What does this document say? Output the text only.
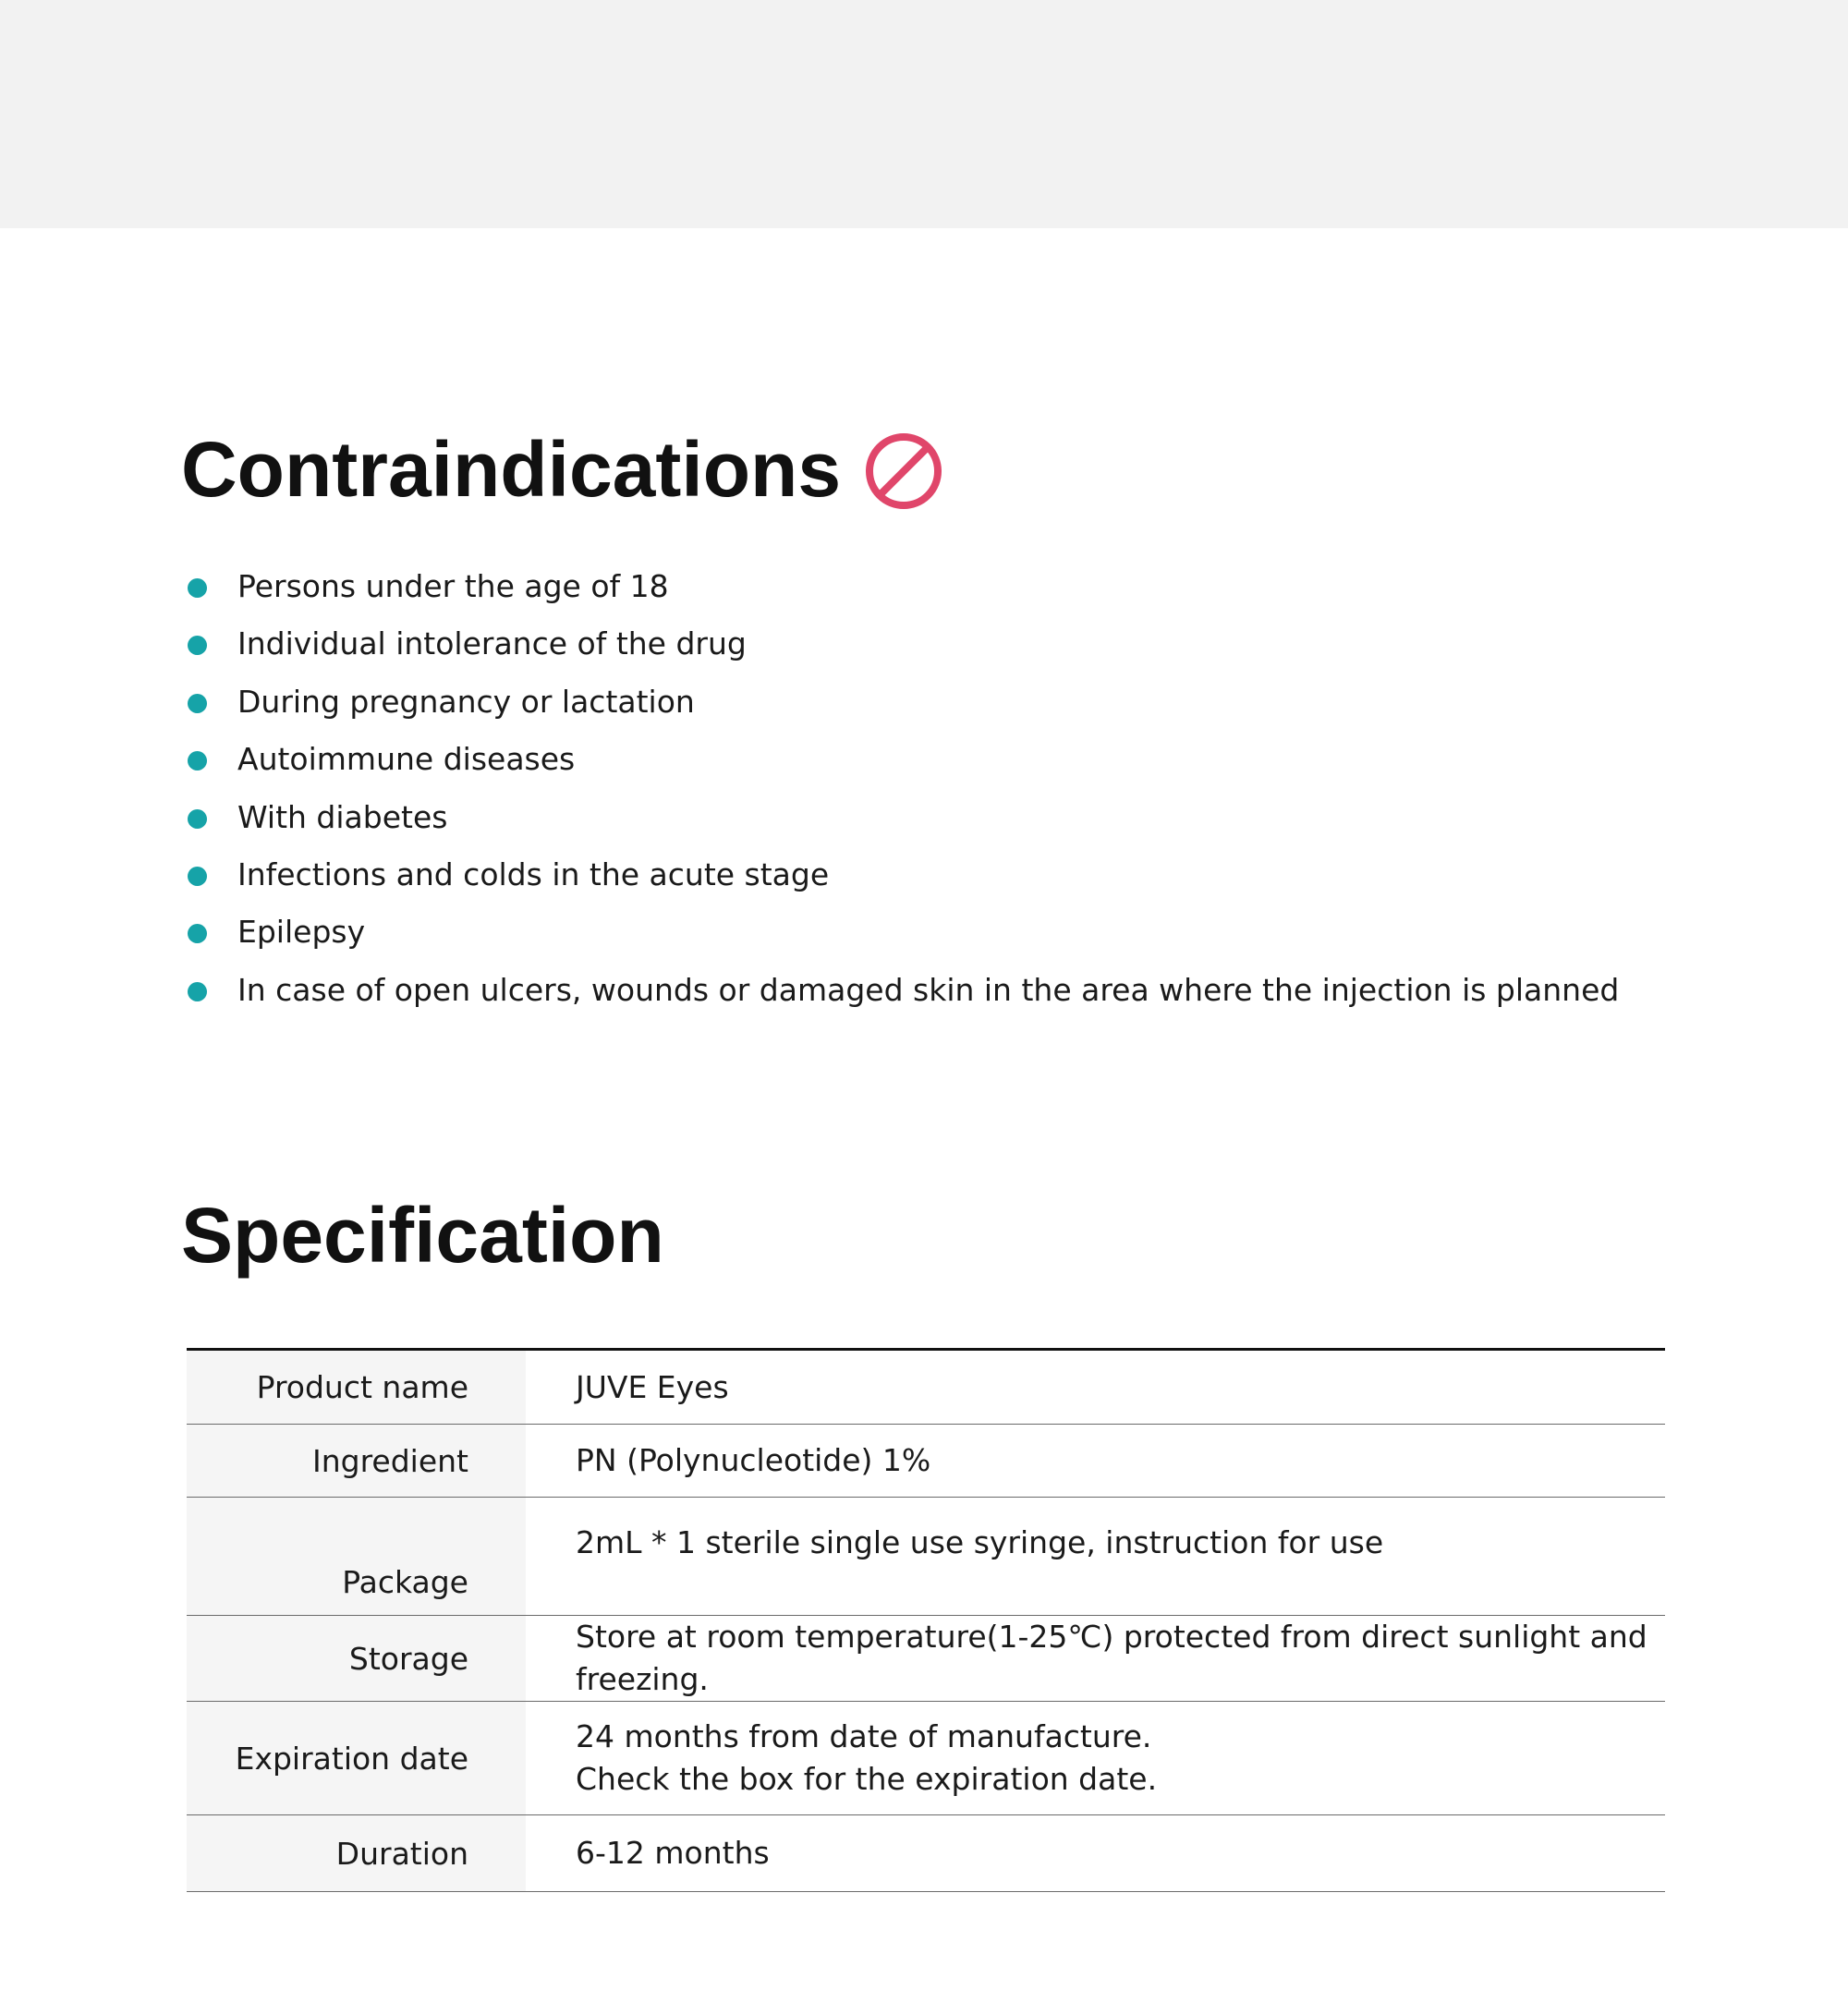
Contraindications
Persons under the age of 18
Individual intolerance of the drug
During pregnancy or lactation
Autoimmune diseases
With diabetes
Infections and colds in the acute stage
Epilepsy
In case of open ulcers, wounds or damaged skin in the area where the injection is planned
Specification
Product name	JUVE Eyes

Ingredient	PN (Polynucleotide) 1%

Package	2mL * 1 sterile single use syringe, instruction for use

Storage	Store at room temperature(1-25℃) protected from direct sunlight and freezing.

Expiration date	24 months from date of manufacture.
Check the box for the expiration date.

Duration	6-12 months
